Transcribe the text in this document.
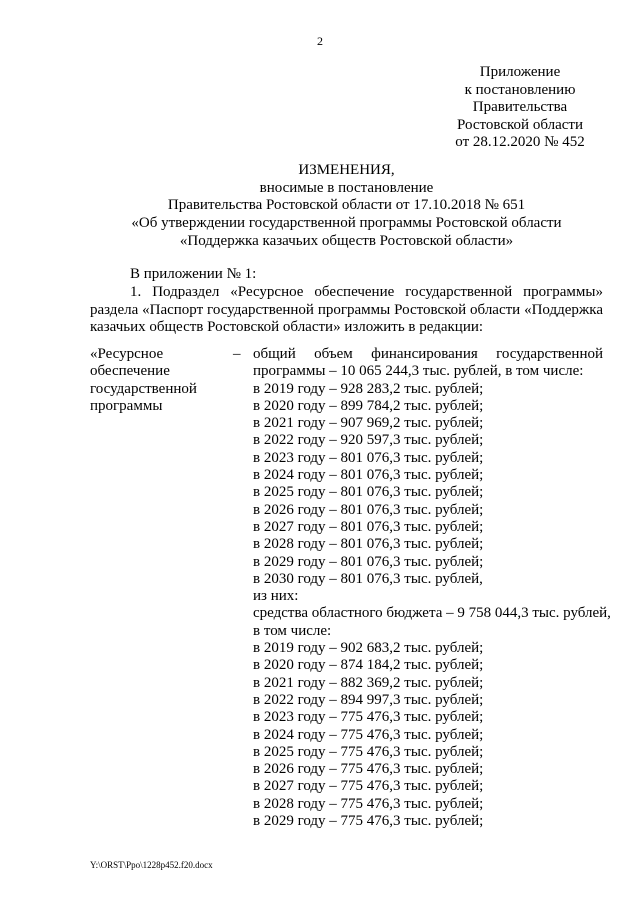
2
Приложение
к постановлению
Правительства
Ростовской области
от 28.12.2020 № 452
ИЗМЕНЕНИЯ,
вносимые в постановление
Правительства Ростовской области от 17.10.2018 № 651
«Об утверждении государственной программы Ростовской области
«Поддержка казачьих обществ Ростовской области»
В приложении № 1:
1. Подраздел «Ресурсное обеспечение государственной программы»
раздела «Паспорт государственной программы Ростовской области «Поддержка
казачьих обществ Ростовской области» изложить в редакции:
«Ресурсное
обеспечение
государственной
программы
– общий объем финансирования государственной
программы – 10 065 244,3 тыс. рублей, в том числе:
в 2019 году – 928 283,2 тыс. рублей;
в 2020 году – 899 784,2 тыс. рублей;
в 2021 году – 907 969,2 тыс. рублей;
в 2022 году – 920 597,3 тыс. рублей;
в 2023 году – 801 076,3 тыс. рублей;
в 2024 году – 801 076,3 тыс. рублей;
в 2025 году – 801 076,3 тыс. рублей;
в 2026 году – 801 076,3 тыс. рублей;
в 2027 году – 801 076,3 тыс. рублей;
в 2028 году – 801 076,3 тыс. рублей;
в 2029 году – 801 076,3 тыс. рублей;
в 2030 году – 801 076,3 тыс. рублей,
из них:
средства областного бюджета – 9 758 044,3 тыс. рублей,
в том числе:
в 2019 году – 902 683,2 тыс. рублей;
в 2020 году – 874 184,2 тыс. рублей;
в 2021 году – 882 369,2 тыс. рублей;
в 2022 году – 894 997,3 тыс. рублей;
в 2023 году – 775 476,3 тыс. рублей;
в 2024 году – 775 476,3 тыс. рублей;
в 2025 году – 775 476,3 тыс. рублей;
в 2026 году – 775 476,3 тыс. рублей;
в 2027 году – 775 476,3 тыс. рублей;
в 2028 году – 775 476,3 тыс. рублей;
в 2029 году – 775 476,3 тыс. рублей;
Y:\ORST\Ppo\1228p452.f20.docx
